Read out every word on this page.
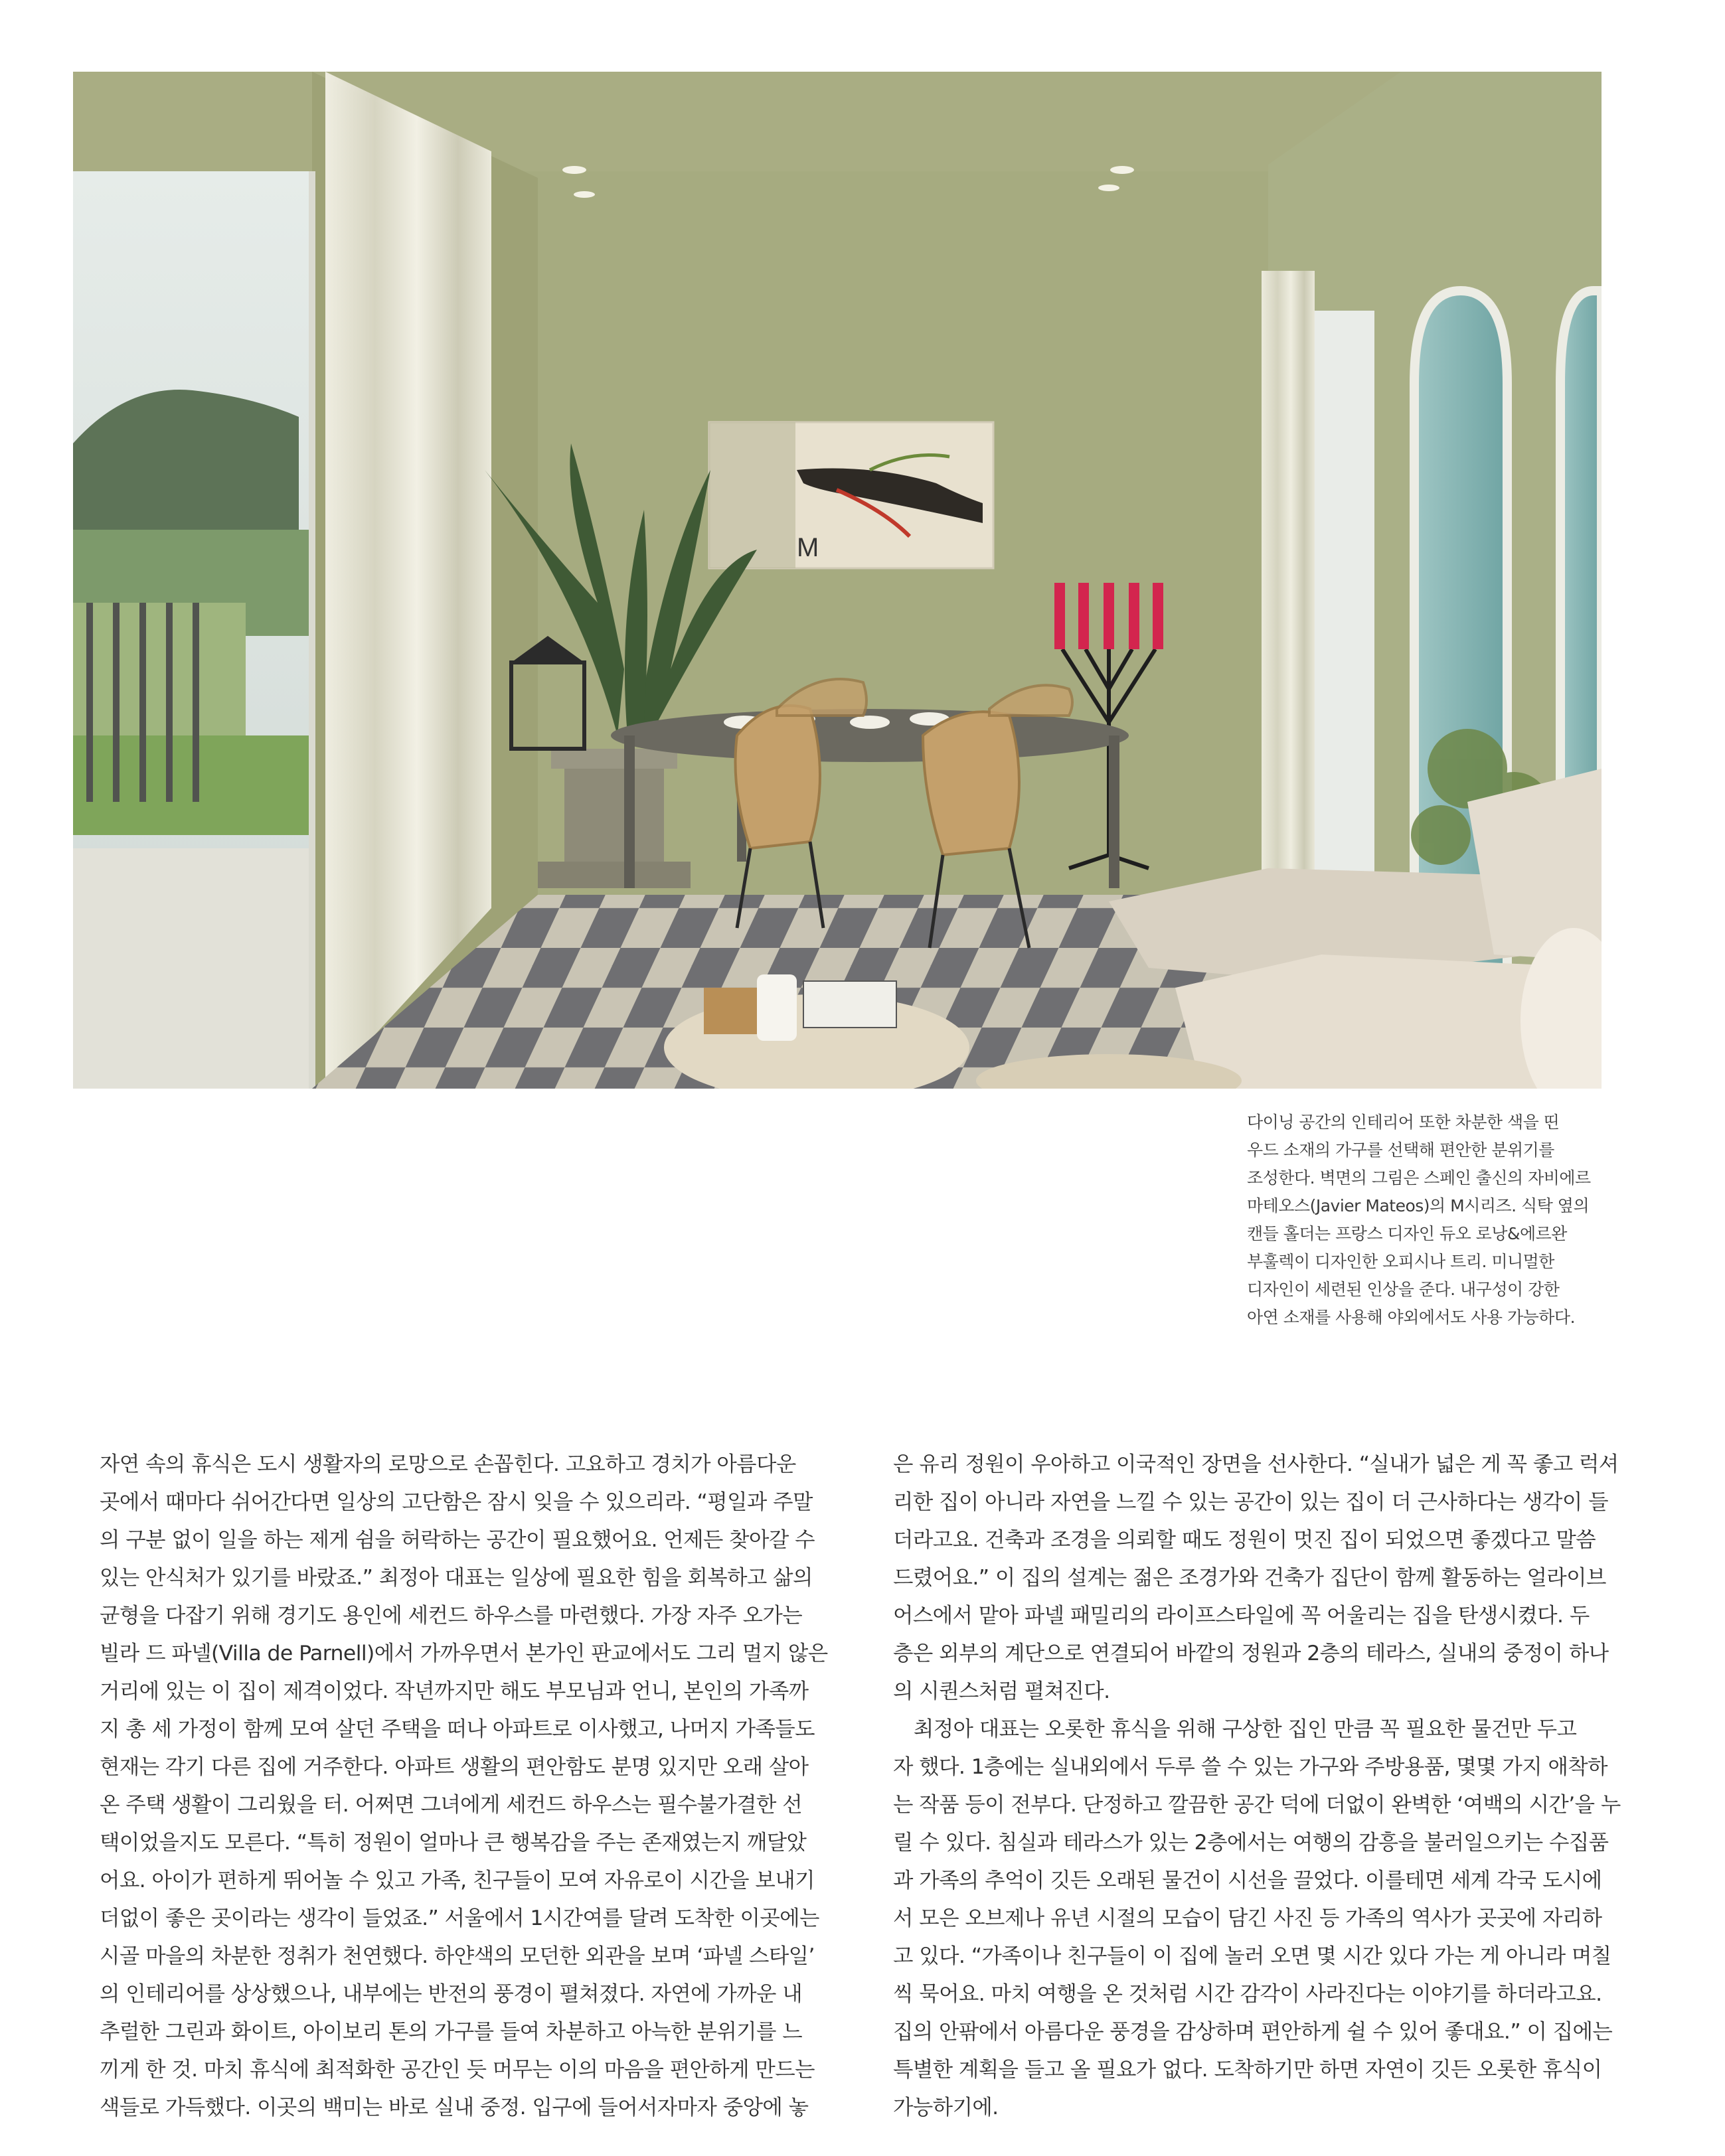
M

다이닝 공간의 인테리어 또한 차분한 색을 띤

우드 소재의 가구를 선택해 편안한 분위기를

조성한다. 벽면의 그림은 스페인 출신의 자비에르

마테오스(Javier Mateos)의 M시리즈. 식탁 옆의

캔들 홀더는 프랑스 디자인 듀오 로낭&에르완

부훌렉이 디자인한 오피시나 트리. 미니멀한

디자인이 세련된 인상을 준다. 내구성이 강한

아연 소재를 사용해 야외에서도 사용 가능하다.

자연 속의 휴식은 도시 생활자의 로망으로 손꼽힌다. 고요하고 경치가 아름다운

곳에서 때마다 쉬어간다면 일상의 고단함은 잠시 잊을 수 있으리라. “평일과 주말

의 구분 없이 일을 하는 제게 쉼을 허락하는 공간이 필요했어요. 언제든 찾아갈 수

있는 안식처가 있기를 바랐죠.” 최정아 대표는 일상에 필요한 힘을 회복하고 삶의

균형을 다잡기 위해 경기도 용인에 세컨드 하우스를 마련했다. 가장 자주 오가는

빌라 드 파넬(Villa de Parnell)에서 가까우면서 본가인 판교에서도 그리 멀지 않은

거리에 있는 이 집이 제격이었다. 작년까지만 해도 부모님과 언니, 본인의 가족까

지 총 세 가정이 함께 모여 살던 주택을 떠나 아파트로 이사했고, 나머지 가족들도

현재는 각기 다른 집에 거주한다. 아파트 생활의 편안함도 분명 있지만 오래 살아

온 주택 생활이 그리웠을 터. 어쩌면 그녀에게 세컨드 하우스는 필수불가결한 선

택이었을지도 모른다. “특히 정원이 얼마나 큰 행복감을 주는 존재였는지 깨달았

어요. 아이가 편하게 뛰어놀 수 있고 가족, 친구들이 모여 자유로이 시간을 보내기

더없이 좋은 곳이라는 생각이 들었죠.” 서울에서 1시간여를 달려 도착한 이곳에는

시골 마을의 차분한 정취가 천연했다. 하얀색의 모던한 외관을 보며 ‘파넬 스타일’

의 인테리어를 상상했으나, 내부에는 반전의 풍경이 펼쳐졌다. 자연에 가까운 내

추럴한 그린과 화이트, 아이보리 톤의 가구를 들여 차분하고 아늑한 분위기를 느

끼게 한 것. 마치 휴식에 최적화한 공간인 듯 머무는 이의 마음을 편안하게 만드는

색들로 가득했다. 이곳의 백미는 바로 실내 중정. 입구에 들어서자마자 중앙에 놓

은 유리 정원이 우아하고 이국적인 장면을 선사한다. “실내가 넓은 게 꼭 좋고 럭셔

리한 집이 아니라 자연을 느낄 수 있는 공간이 있는 집이 더 근사하다는 생각이 들

더라고요. 건축과 조경을 의뢰할 때도 정원이 멋진 집이 되었으면 좋겠다고 말씀

드렸어요.” 이 집의 설계는 젊은 조경가와 건축가 집단이 함께 활동하는 얼라이브

어스에서 맡아 파넬 패밀리의 라이프스타일에 꼭 어울리는 집을 탄생시켰다. 두

층은 외부의 계단으로 연결되어 바깥의 정원과 2층의 테라스, 실내의 중정이 하나

의 시퀀스처럼 펼쳐진다.

　최정아 대표는 오롯한 휴식을 위해 구상한 집인 만큼 꼭 필요한 물건만 두고

자 했다. 1층에는 실내외에서 두루 쓸 수 있는 가구와 주방용품, 몇몇 가지 애착하

는 작품 등이 전부다. 단정하고 깔끔한 공간 덕에 더없이 완벽한 ‘여백의 시간’을 누

릴 수 있다. 침실과 테라스가 있는 2층에서는 여행의 감흥을 불러일으키는 수집품

과 가족의 추억이 깃든 오래된 물건이 시선을 끌었다. 이를테면 세계 각국 도시에

서 모은 오브제나 유년 시절의 모습이 담긴 사진 등 가족의 역사가 곳곳에 자리하

고 있다. “가족이나 친구들이 이 집에 놀러 오면 몇 시간 있다 가는 게 아니라 며칠

씩 묵어요. 마치 여행을 온 것처럼 시간 감각이 사라진다는 이야기를 하더라고요.

집의 안팎에서 아름다운 풍경을 감상하며 편안하게 쉴 수 있어 좋대요.” 이 집에는

특별한 계획을 들고 올 필요가 없다. 도착하기만 하면 자연이 깃든 오롯한 휴식이

가능하기에.
